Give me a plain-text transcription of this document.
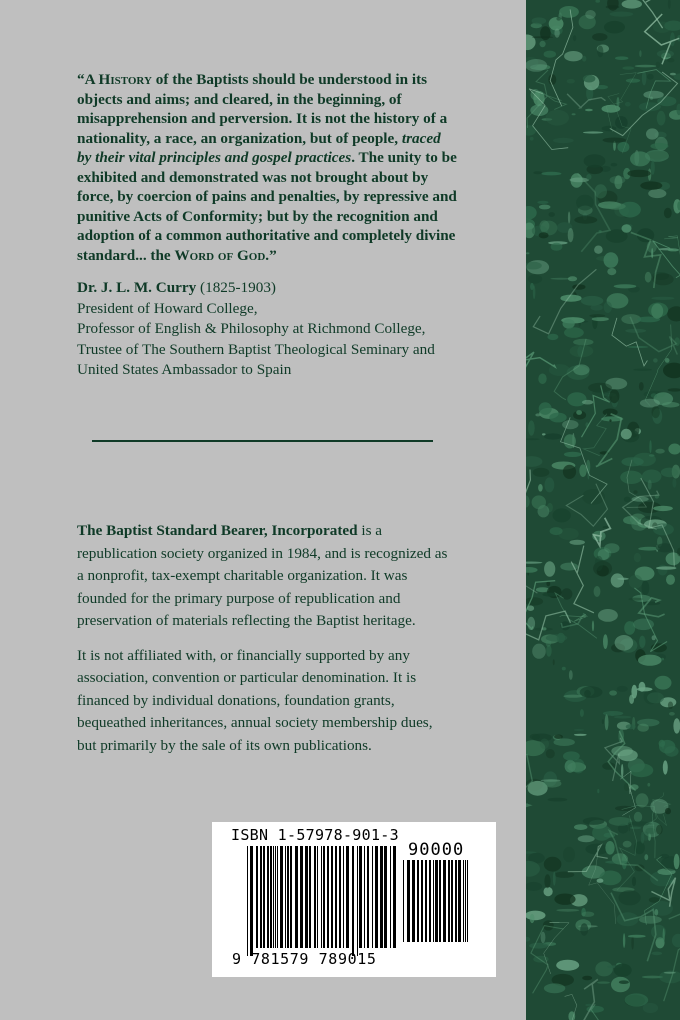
“A History of the Baptists should be understood in its objects and aims; and cleared, in the beginning, of misapprehension and perversion. It is not the history of a nationality, a race, an organization, but of people, traced by their vital principles and gospel practices. The unity to be exhibited and demonstrated was not brought about by force, by coercion of pains and penalties, by repressive and punitive Acts of Conformity; but by the recognition and adoption of a common authoritative and completely divine standard... the Word of God.”

Dr. J. L. M. Curry (1825-1903)
President of Howard College,
Professor of English & Philosophy at Richmond College,
Trustee of The Southern Baptist Theological Seminary and
United States Ambassador to Spain

The Baptist Standard Bearer, Incorporated is a republication society organized in 1984, and is recognized as a nonprofit, tax-exempt charitable organization. It was founded for the primary purpose of republication and preservation of materials reflecting the Baptist heritage.

It is not affiliated with, or financially supported by any association, convention or particular denomination. It is financed by individual donations, foundation grants, bequeathed inheritances, annual society membership dues, but primarily by the sale of its own publications.

ISBN 1-57978-901-3
90000
9 781579 789015
